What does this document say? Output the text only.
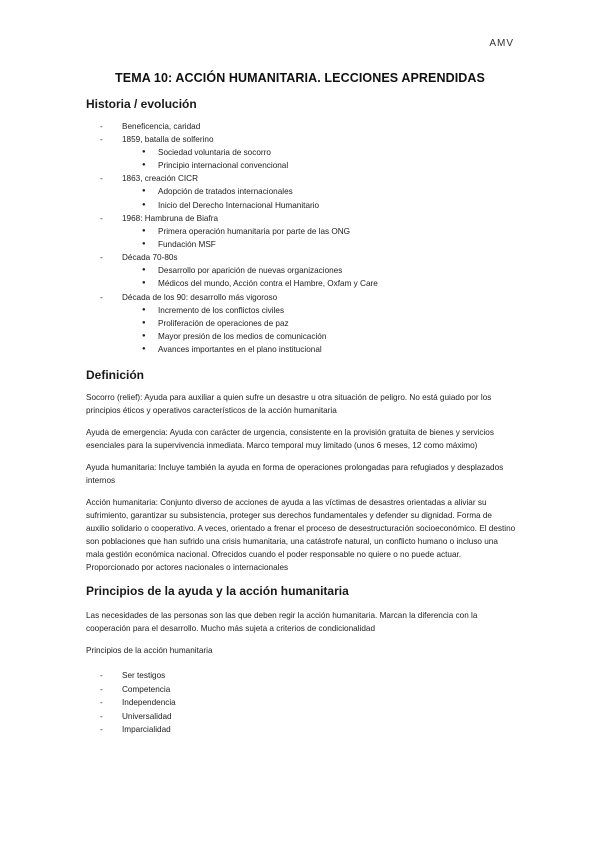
AMV
TEMA 10: ACCIÓN HUMANITARIA. LECCIONES APRENDIDAS
Historia / evolución
- Beneficencia, caridad
- 1859, batalla de solferino
● Sociedad voluntaria de socorro
● Principio internacional convencional
- 1863, creación CICR
● Adopción de tratados internacionales
● Inicio del Derecho Internacional Humanitario
- 1968: Hambruna de Biafra
● Primera operación humanitaria por parte de las ONG
● Fundación MSF
- Década 70-80s
● Desarrollo por aparición de nuevas organizaciones
● Médicos del mundo, Acción contra el Hambre, Oxfam y Care
- Década de los 90: desarrollo más vigoroso
● Incremento de los conflictos civiles
● Proliferación de operaciones de paz
● Mayor presión de los medios de comunicación
● Avances importantes en el plano institucional
Definición

Socorro (relief): Ayuda para auxiliar a quien sufre un desastre u otra situación de peligro. No está guiado por los principios éticos y operativos característicos de la acción humanitaria

Ayuda de emergencia: Ayuda con carácter de urgencia, consistente en la provisión gratuita de bienes y servicios esenciales para la supervivencia inmediata. Marco temporal muy limitado (unos 6 meses, 12 como máximo)

Ayuda humanitaria: Incluye también la ayuda en forma de operaciones prolongadas para refugiados y desplazados internos

Acción humanitaria: Conjunto diverso de acciones de ayuda a las víctimas de desastres orientadas a aliviar su sufrimiento, garantizar su subsistencia, proteger sus derechos fundamentales y defender su dignidad. Forma de auxilio solidario o cooperativo. A veces, orientado a frenar el proceso de desestructuración socioeconómico. El destino son poblaciones que han sufrido una crisis humanitaria, una catástrofe natural, un conflicto humano o incluso una mala gestión económica nacional. Ofrecidos cuando el poder responsable no quiere o no puede actuar. Proporcionado por actores nacionales o internacionales

Principios de la ayuda y la acción humanitaria

Las necesidades de las personas son las que deben regir la acción humanitaria. Marcan la diferencia con la cooperación para el desarrollo. Mucho más sujeta a criterios de condicionalidad

Principios de la acción humanitaria

- Ser testigos
- Competencia
- Independencia
- Universalidad
- Imparcialidad
